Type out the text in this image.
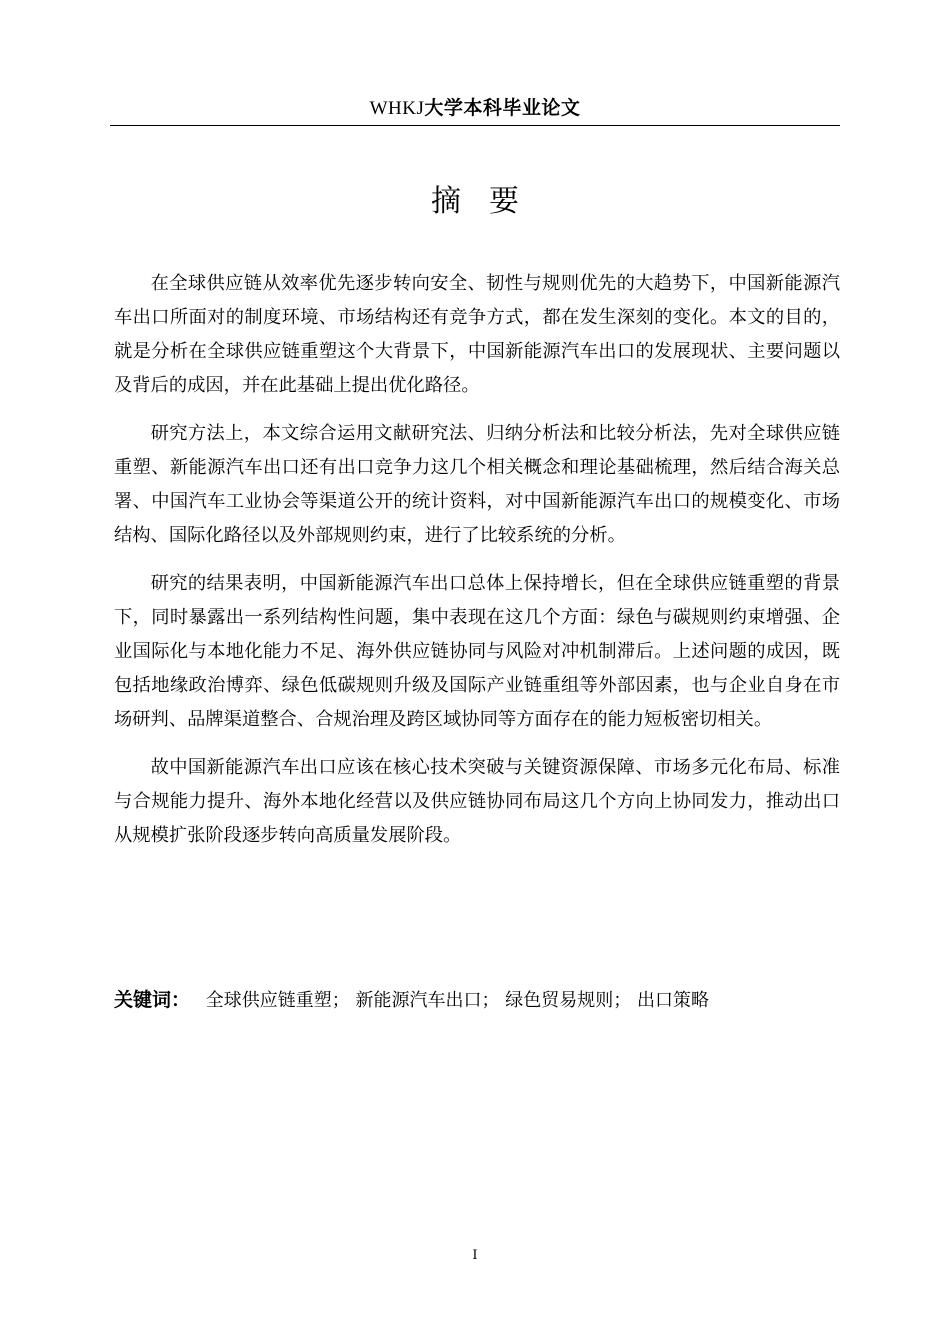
WHKJ大学本科毕业论文
摘要

在全球供应链从效率优先逐步转向安全、韧性与规则优先的大趋势下，中国新能源汽车出口所面对的制度环境、市场结构还有竞争方式，都在发生深刻的变化。本文的目的，就是分析在全球供应链重塑这个大背景下，中国新能源汽车出口的发展现状、主要问题以及背后的成因，并在此基础上提出优化路径。

研究方法上，本文综合运用文献研究法、归纳分析法和比较分析法，先对全球供应链重塑、新能源汽车出口还有出口竞争力这几个相关概念和理论基础梳理，然后结合海关总署、中国汽车工业协会等渠道公开的统计资料，对中国新能源汽车出口的规模变化、市场结构、国际化路径以及外部规则约束，进行了比较系统的分析。

研究的结果表明，中国新能源汽车出口总体上保持增长，但在全球供应链重塑的背景下，同时暴露出一系列结构性问题，集中表现在这几个方面：绿色与碳规则约束增强、企业国际化与本地化能力不足、海外供应链协同与风险对冲机制滞后。上述问题的成因，既包括地缘政治博弈、绿色低碳规则升级及国际产业链重组等外部因素，也与企业自身在市场研判、品牌渠道整合、合规治理及跨区域协同等方面存在的能力短板密切相关。

故中国新能源汽车出口应该在核心技术突破与关键资源保障、市场多元化布局、标准与合规能力提升、海外本地化经营以及供应链协同布局这几个方向上协同发力，推动出口从规模扩张阶段逐步转向高质量发展阶段。

关键词： 全球供应链重塑； 新能源汽车出口； 绿色贸易规则； 出口策略
I
